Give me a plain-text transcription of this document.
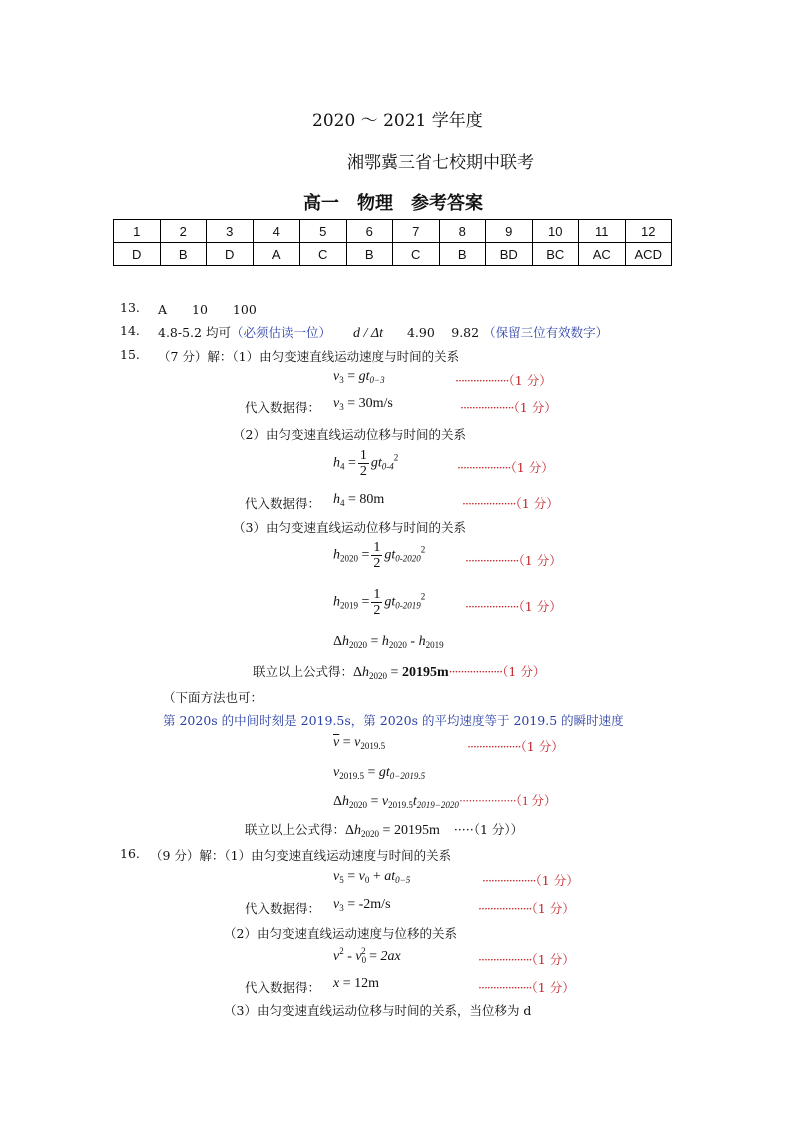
2020 ～ 2021 学年度
湘鄂冀三省七校期中联考
高一　物理　参考答案
1	2	3	4	5	6	7	8	9	10	11	12
D	B	D	A	C	B	C	B	BD	BC	AC	ACD
13. A　　10　　100
14. 4.8-5.2 均可（必须估读一位） d / Δt 4.90　 9.82 （保留三位有效数字）
15. （7 分）解：（1）由匀变速直线运动速度与时间的关系
$v_3 = gt_{0-3}$	··················（1 分）
代入数据得： $v_3 = 30m/s$	··················（1 分）
（2）由匀变速直线运动位移与时间的关系
$h_4 = \frac{1}{2} gt_{0-4}^2$
··················（1 分）
代入数据得： $h_4 = 80m$	··················（1 分）
（3）由匀变速直线运动位移与时间的关系
$h_{2020} = \frac{1}{2} gt_{0-2020}^2$
··················（1 分）
$h_{2019} = \frac{1}{2} gt_{0-2019}^2$
··················（1 分）
$\Delta h_{2020} = h_{2020} - h_{2019}$
联立以上公式得：$\Delta h_{2020} = 20195m\cdot\cdot\cdot\cdot\cdot\cdot\cdot\cdot\cdot\cdot\cdot\cdot\cdot\cdot\cdot\cdot\cdot\cdot(1$ 分）
（下面方法也可：
第 2020s 的中间时刻是 2019.5s，第 2020s 的平均速度等于 2019.5 的瞬时速度
$\overline{v} = v_{2019.5}$	··················（1 分）
$v_{2019.5} = gt_{0-2019.5}$
$\Delta h_{2020} = v_{2019.5}t_{2019-2020}\cdot\cdot\cdot\cdot\cdot\cdot\cdot\cdot\cdot\cdot\cdot\cdot\cdot\cdot\cdot\cdot\cdot\cdot(1$ 分）
联立以上公式得：$\Delta h_{2020} = 20195m \cdot\cdot\cdot\cdot\cdot(1$ 分））
16. （9 分）解：（1）由匀变速直线运动速度与时间的关系
$v_5 = v_0 + at_{0-5}$	··················（1 分）
代入数据得： $v_3 = -2m/s$	··················（1 分）
（2）由匀变速直线运动速度与位移的关系
$v^2 - v_0^2 = 2ax$	··················（1 分）
代入数据得： x = 12m	··················（1 分）
（3）由匀变速直线运动位移与时间的关系，当位移为 d
